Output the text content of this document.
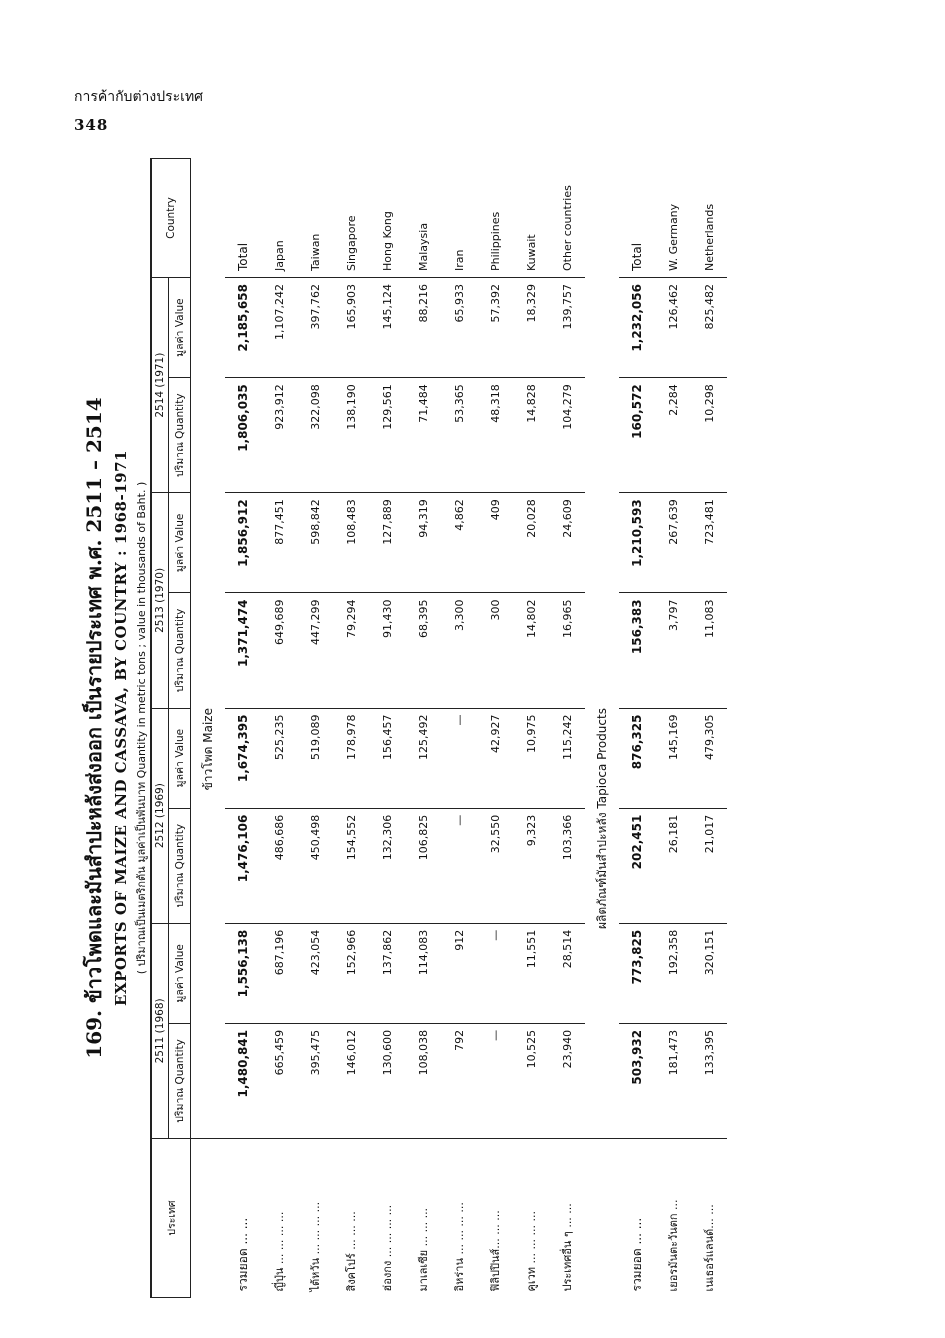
การค้ากับต่างประเทศ
348
169. ข้าวโพดและมันสำปะหลังส่งออก เป็นรายประเทศ พ.ศ. 2511 – 2514 EXPORTS OF MAIZE AND CASSAVA, BY COUNTRY : 1968-1971 ( ปริมาณเป็นเมตริกตัน มูลค่าเป็นพันบาท Quantity in metric tons ; value in thousands of Baht. )
ประเทศ	2511 (1968)		2512 (1969)		2513 (1970)		2514 (1971)		Country
	ปริมาณ Quantity	มูลค่า Value	ปริมาณ Quantity	มูลค่า Value	ปริมาณ Quantity	มูลค่า Value	ปริมาณ Quantity	มูลค่า Value	
	ข้าวโพด Maize								
รวมยอด ... ...	1,480,841	1,556,138	1,476,106	1,674,395	1,371,474	1,856,912	1,806,035	2,185,658	Total
ญี่ปุ่น ... ... ... ...	665,459	687,196	486,686	525,235	649,689	877,451	923,912	1,107,242	Japan
ไต้หวัน ... ... ... ...	395,475	423,054	450,498	519,089	447,299	598,842	322,098	397,762	Taiwan
สิงคโปร์ ... ... ...	146,012	152,966	154,552	178,978	79,294	108,483	138,190	165,903	Singapore
ฮ่องกง ... ... ... ...	130,600	137,862	132,306	156,457	91,430	127,889	129,561	145,124	Hong Kong
มาเลเซีย ... ... ...	108,038	114,083	106,825	125,492	68,395	94,319	71,484	88,216	Malaysia
อิหร่าน ... ... ... ...	792	912	—	—	3,300	4,862	53,365	65,933	Iran
ฟิลิปปินส์... ... ...	—	—	32,550	42,927	300	409	48,318	57,392	Philippines
คูเวท ... ... ... ...	10,525	11,551	9,323	10,975	14,802	20,028	14,828	18,329	Kuwait
ประเทศอื่น ๆ ... ...	23,940	28,514	103,366	115,242	16,965	24,609	104,279	139,757	Other countries
	ผลิตภัณฑ์มันสำปะหลัง Tapioca Products								
รวมยอด ... ...	503,932	773,825	202,451	876,325	156,383	1,210,593	160,572	1,232,056	Total
เยอรมันตะวันตก ...	181,473	192,358	26,181	145,169	3,797	267,639	2,284	126,462	W. Germany
เนเธอร์แลนด์... ...	133,395	320,151	21,017	479,305	11,083	723,481	10,298	825,482	Netherlands
